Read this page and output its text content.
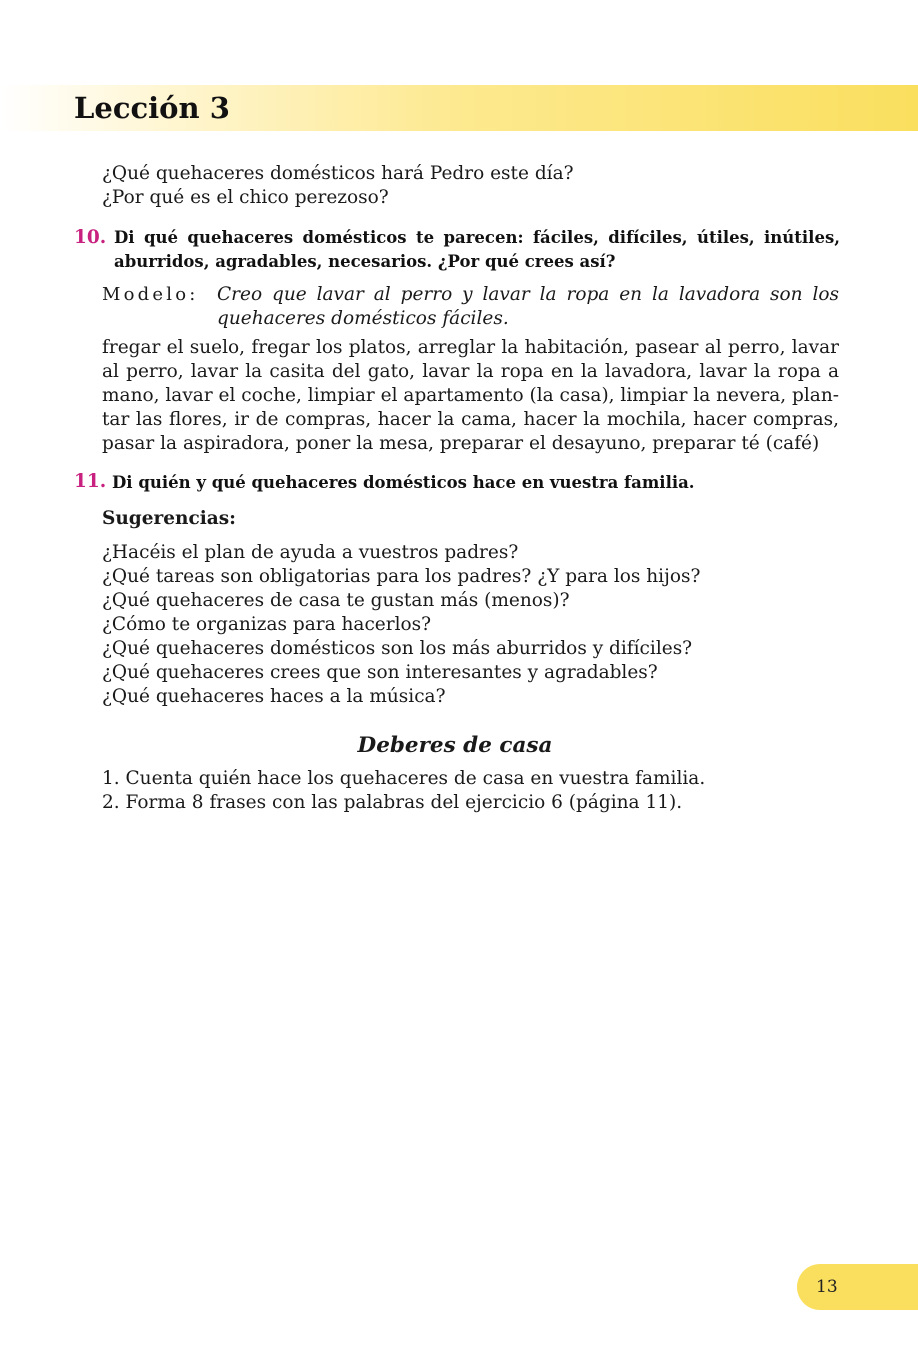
Lección 3
¿Qué quehaceres domésticos hará Pedro este día?
¿Por qué es el chico perezoso?
10. Di qué quehaceres domésticos te parecen: fáciles, difíciles, útiles, inútiles, aburridos, agradables, necesarios. ¿Por qué crees así?
Modelo: Creo que lavar al perro y lavar la ropa en la lavadora son los quehaceres domésticos fáciles.
fregar el suelo, fregar los platos, arreglar la habitación, pasear al perro, lavar al perro, lavar la casita del gato, lavar la ropa en la lavadora, lavar la ropa a mano, lavar el coche, limpiar el apartamento (la casa), limpiar la nevera, plan-tar las flores, ir de compras, hacer la cama, hacer la mochila, hacer compras, pasar la aspiradora, poner la mesa, preparar el desayuno, preparar té (café)
11. Di quién y qué quehaceres domésticos hace en vuestra familia.
Sugerencias:
¿Hacéis el plan de ayuda a vuestros padres?
¿Qué tareas son obligatorias para los padres? ¿Y para los hijos?
¿Qué quehaceres de casa te gustan más (menos)?
¿Cómo te organizas para hacerlos?
¿Qué quehaceres domésticos son los más aburridos y difíciles?
¿Qué quehaceres crees que son interesantes y agradables?
¿Qué quehaceres haces a la música?
Deberes de casa
1. Cuenta quién hace los quehaceres de casa en vuestra familia.
2. Forma 8 frases con las palabras del ejercicio 6 (página 11).
13
